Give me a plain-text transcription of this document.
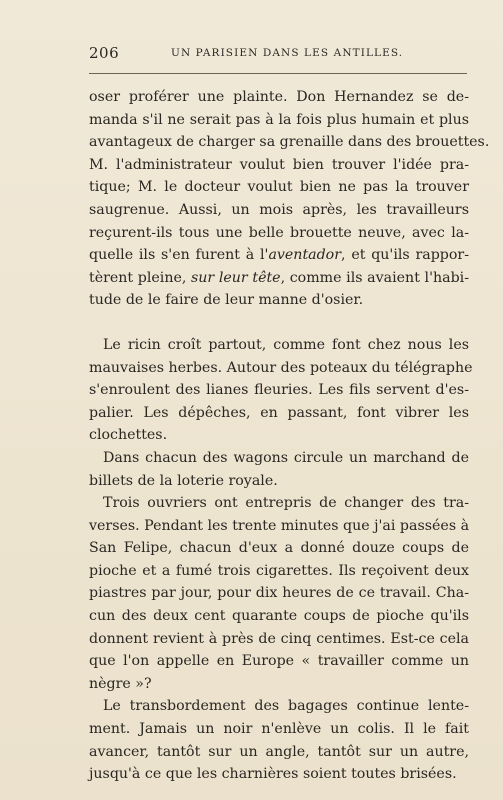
206	UN PARISIEN DANS LES ANTILLES.
oser proférer une plainte. Don Hernandez se de-
manda s'il ne serait pas à la fois plus humain et plus
avantageux de charger sa grenaille dans des brouettes.
M. l'administrateur voulut bien trouver l'idée pra-
tique; M. le docteur voulut bien ne pas la trouver
saugrenue. Aussi, un mois après, les travailleurs
reçurent-ils tous une belle brouette neuve, avec la-
quelle ils s'en furent à l'aventador, et qu'ils rappor-
tèrent pleine, sur leur tête, comme ils avaient l'habi-
tude de le faire de leur manne d'osier.
Le ricin croît partout, comme font chez nous les
mauvaises herbes. Autour des poteaux du télégraphe
s'enroulent des lianes fleuries. Les fils servent d'es-
palier. Les dépêches, en passant, font vibrer les
clochettes.
Dans chacun des wagons circule un marchand de
billets de la loterie royale.
Trois ouvriers ont entrepris de changer des tra-
verses. Pendant les trente minutes que j'ai passées à
San Felipe, chacun d'eux a donné douze coups de
pioche et a fumé trois cigarettes. Ils reçoivent deux
piastres par jour, pour dix heures de ce travail. Cha-
cun des deux cent quarante coups de pioche qu'ils
donnent revient à près de cinq centimes. Est-ce cela
que l'on appelle en Europe « travailler comme un
nègre »?
Le transbordement des bagages continue lente-
ment. Jamais un noir n'enlève un colis. Il le fait
avancer, tantôt sur un angle, tantôt sur un autre,
jusqu'à ce que les charnières soient toutes brisées.
